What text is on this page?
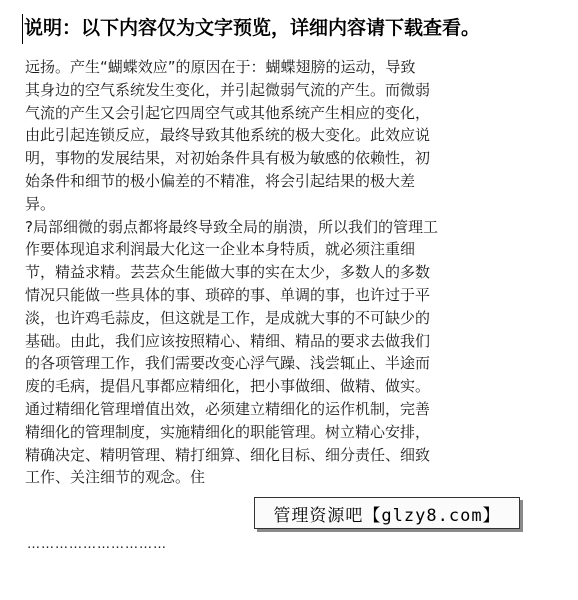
说明：以下内容仅为文字预览，详细内容请下载查看。
远扬。产生“蝴蝶效应”的原因在于：蝴蝶翅膀的运动，导致
其身边的空气系统发生变化，并引起微弱气流的产生。而微弱
气流的产生又会引起它四周空气或其他系统产生相应的变化，
由此引起连锁反应，最终导致其他系统的极大变化。此效应说
明，事物的发展结果，对初始条件具有极为敏感的依赖性，初
始条件和细节的极小偏差的不精准，将会引起结果的极大差
异。
?局部细微的弱点都将最终导致全局的崩溃，所以我们的管理工
作要体现追求利润最大化这一企业本身特质，就必须注重细
节，精益求精。芸芸众生能做大事的实在太少，多数人的多数
情况只能做一些具体的事、琐碎的事、单调的事，也许过于平
淡，也许鸡毛蒜皮，但这就是工作，是成就大事的不可缺少的
基础。由此，我们应该按照精心、精细、精品的要求去做我们
的各项管理工作，我们需要改变心浮气躁、浅尝辄止、半途而
废的毛病，提倡凡事都应精细化，把小事做细、做精、做实。
通过精细化管理增值出效，必须建立精细化的运作机制，完善
精细化的管理制度，实施精细化的职能管理。树立精心安排，
精确决定、精明管理、精打细算、细化目标、细分责任、细致
工作、关注细节的观念。住
管理资源吧【glzy8.com】
…………………………
